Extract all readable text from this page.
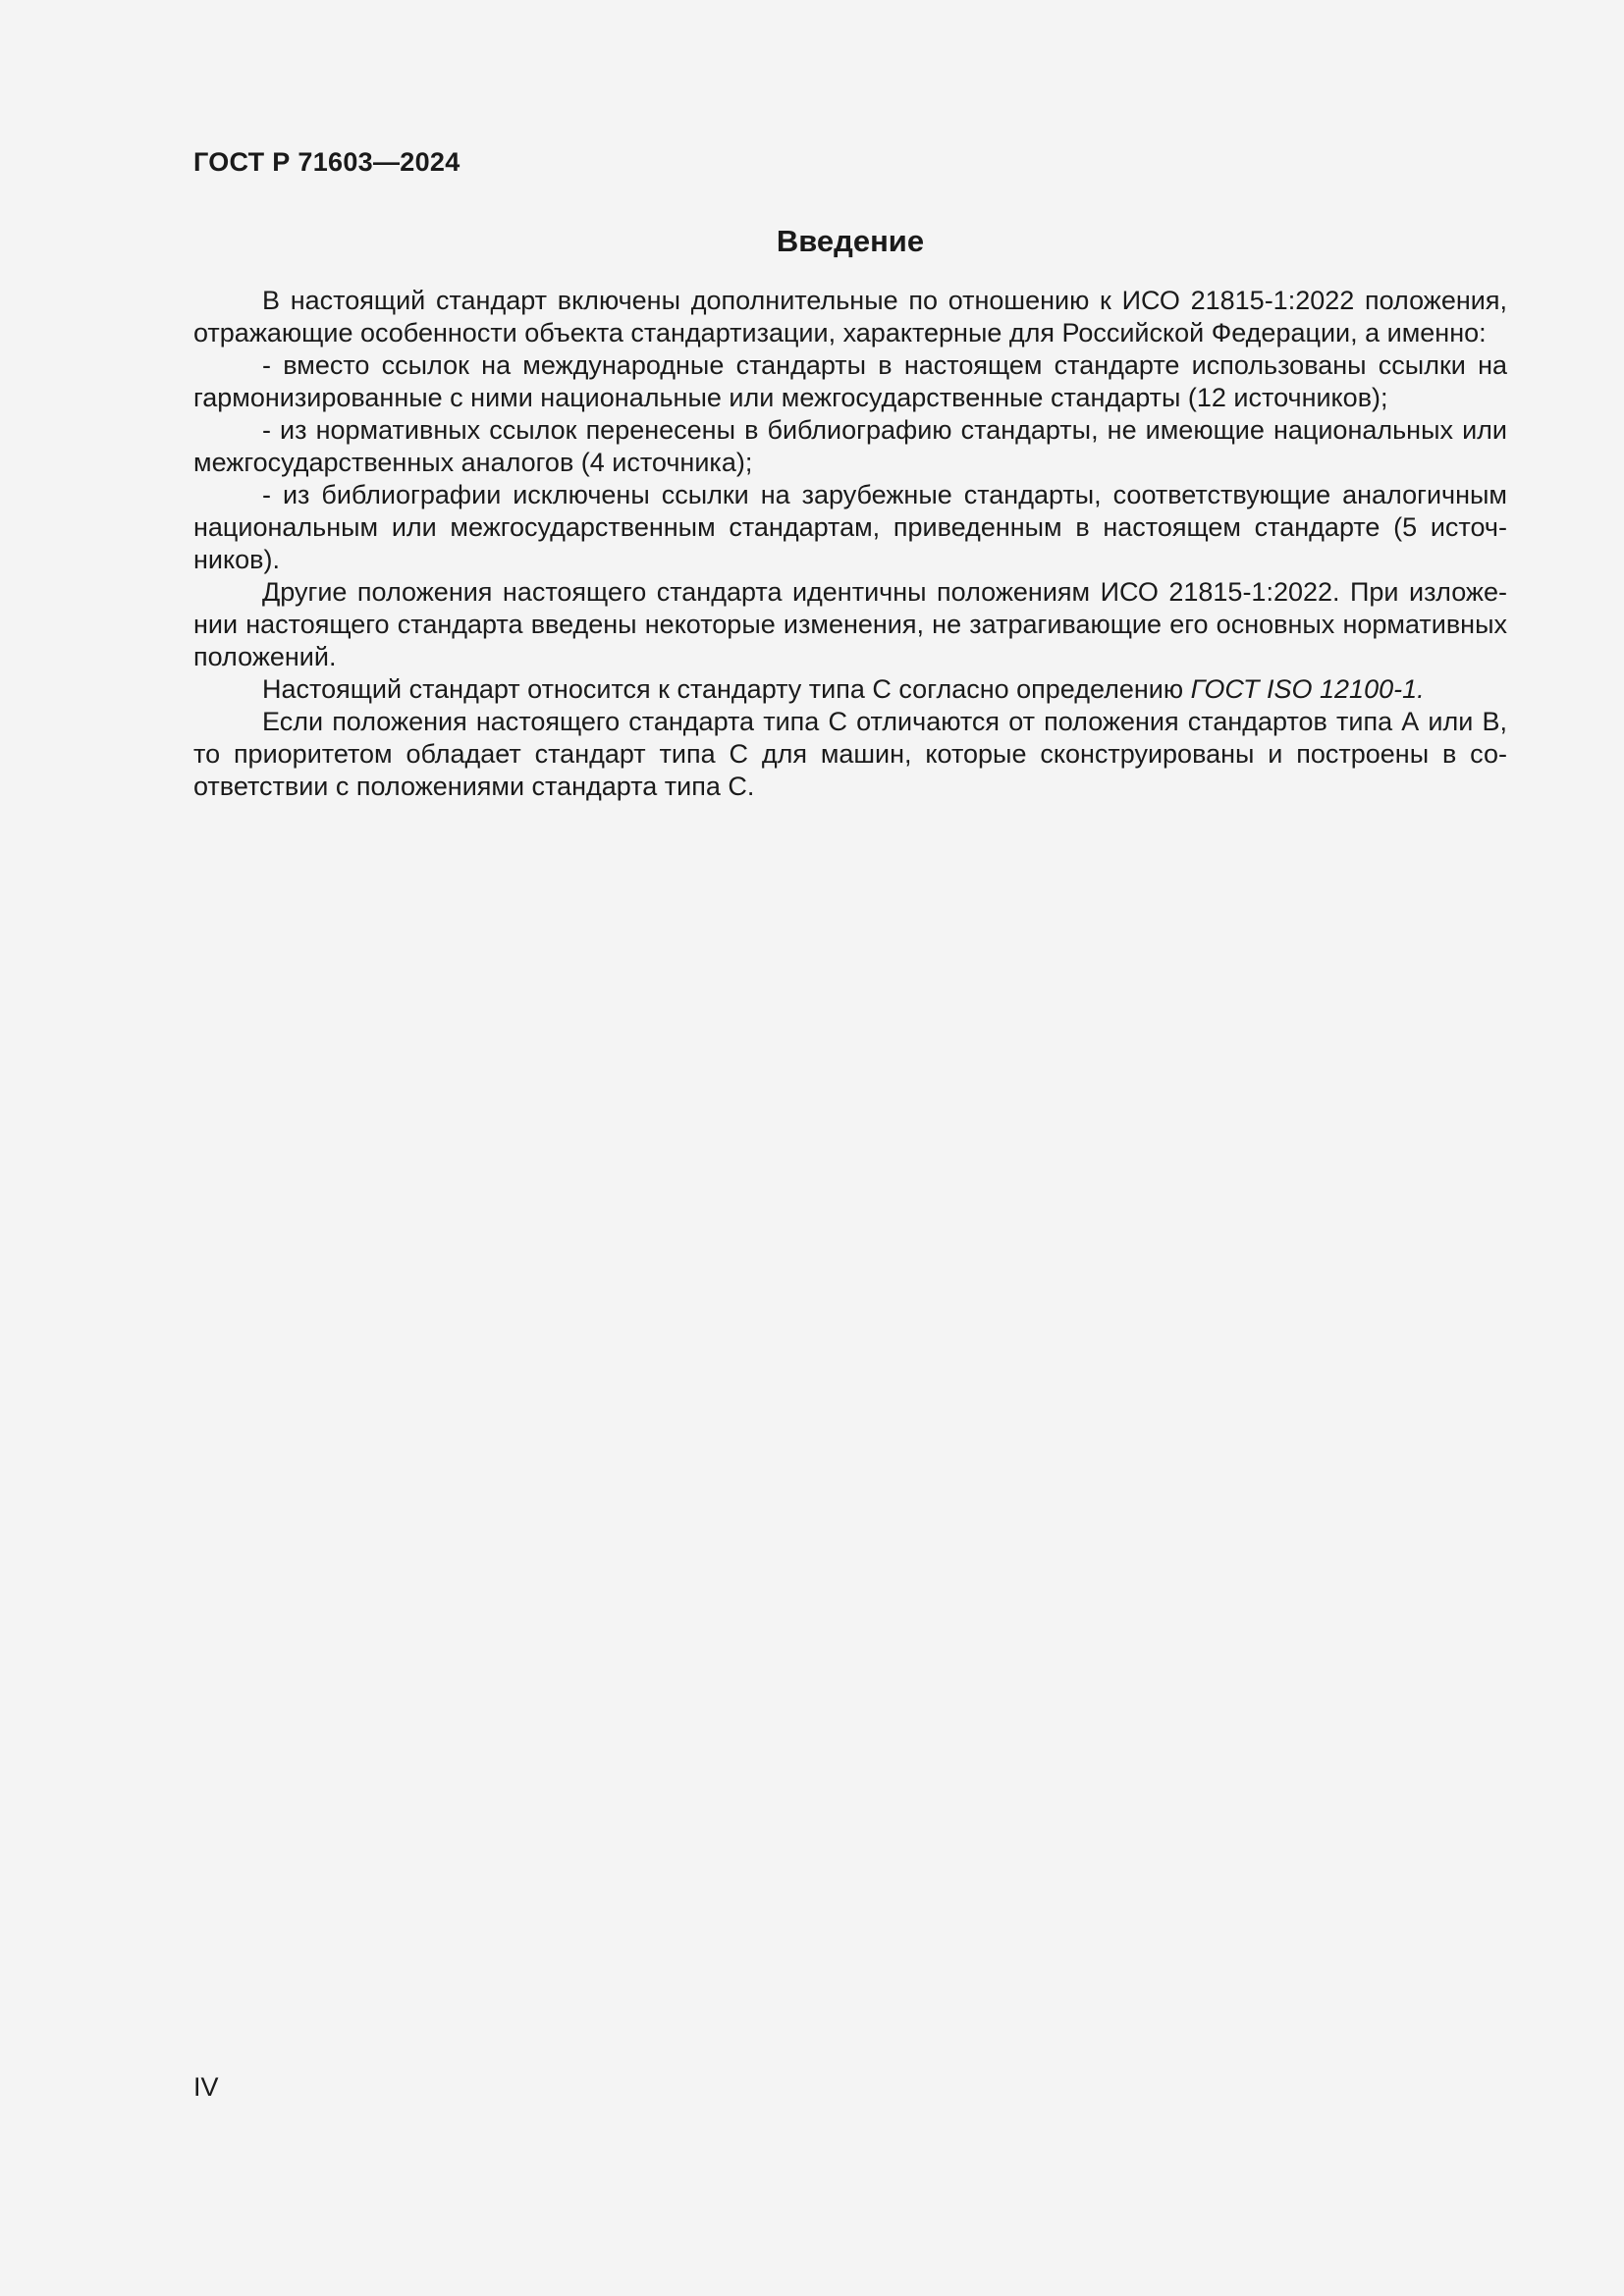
ГОСТ Р 71603—2024
Введение

В настоящий стандарт включены дополнительные по отношению к ИСО 21815-1:2022 положения, отражающие особенности объекта стандартизации, характерные для Российской Федерации, а именно:

- вместо ссылок на международные стандарты в настоящем стандарте использованы ссылки на гармонизированные с ними национальные или межгосударственные стандарты (12 источников);

- из нормативных ссылок перенесены в библиографию стандарты, не имеющие национальных или межгосударственных аналогов (4 источника);

- из библиографии исключены ссылки на зарубежные стандарты, соответствующие аналогичным национальным или межгосударственным стандартам, приведенным в настоящем стандарте (5 источников).

Другие положения настоящего стандарта идентичны положениям ИСО 21815-1:2022. При изложении настоящего стандарта введены некоторые изменения, не затрагивающие его основных нормативных положений.

Настоящий стандарт относится к стандарту типа С согласно определению ГОСТ ISO 12100-1.

Если положения настоящего стандарта типа С отличаются от положения стандартов типа А или В, то приоритетом обладает стандарт типа С для машин, которые сконструированы и построены в соответствии с положениями стандарта типа С.

IV
